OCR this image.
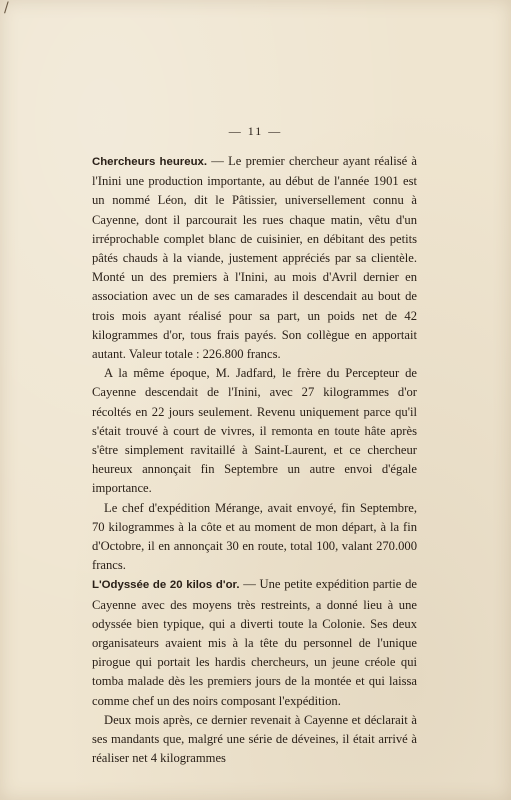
/
— 11 —

Chercheurs heureux. — Le premier chercheur ayant réalisé à l'Inini une production importante, au début de l'année 1901 est un nommé Léon, dit le Pâtissier, universellement connu à Cayenne, dont il parcourait les rues chaque matin, vêtu d'un irréprochable complet blanc de cuisinier, en débitant des petits pâtés chauds à la viande, justement appréciés par sa clientèle. Monté un des premiers à l'Inini, au mois d'Avril dernier en association avec un de ses camarades il descendait au bout de trois mois ayant réalisé pour sa part, un poids net de 42 kilogrammes d'or, tous frais payés. Son collègue en apportait autant. Valeur totale : 226.800 francs.

A la même époque, M. Jadfard, le frère du Percepteur de Cayenne descendait de l'Inini, avec 27 kilogrammes d'or récoltés en 22 jours seulement. Revenu uniquement parce qu'il s'était trouvé à court de vivres, il remonta en toute hâte après s'être simplement ravitaillé à Saint-Laurent, et ce chercheur heureux annonçait fin Septembre un autre envoi d'égale importance.

Le chef d'expédition Mérange, avait envoyé, fin Septembre, 70 kilogrammes à la côte et au moment de mon départ, à la fin d'Octobre, il en annonçait 30 en route, total 100, valant 270.000 francs.

L'Odyssée de 20 kilos d'or. — Une petite expédition partie de Cayenne avec des moyens très restreints, a donné lieu à une odyssée bien typique, qui a diverti toute la Colonie. Ses deux organisateurs avaient mis à la tête du personnel de l'unique pirogue qui portait les hardis chercheurs, un jeune créole qui tomba malade dès les premiers jours de la montée et qui laissa comme chef un des noirs composant l'expédition.

Deux mois après, ce dernier revenait à Cayenne et déclarait à ses mandants que, malgré une série de déveines, il était arrivé à réaliser net 4 kilogrammes
